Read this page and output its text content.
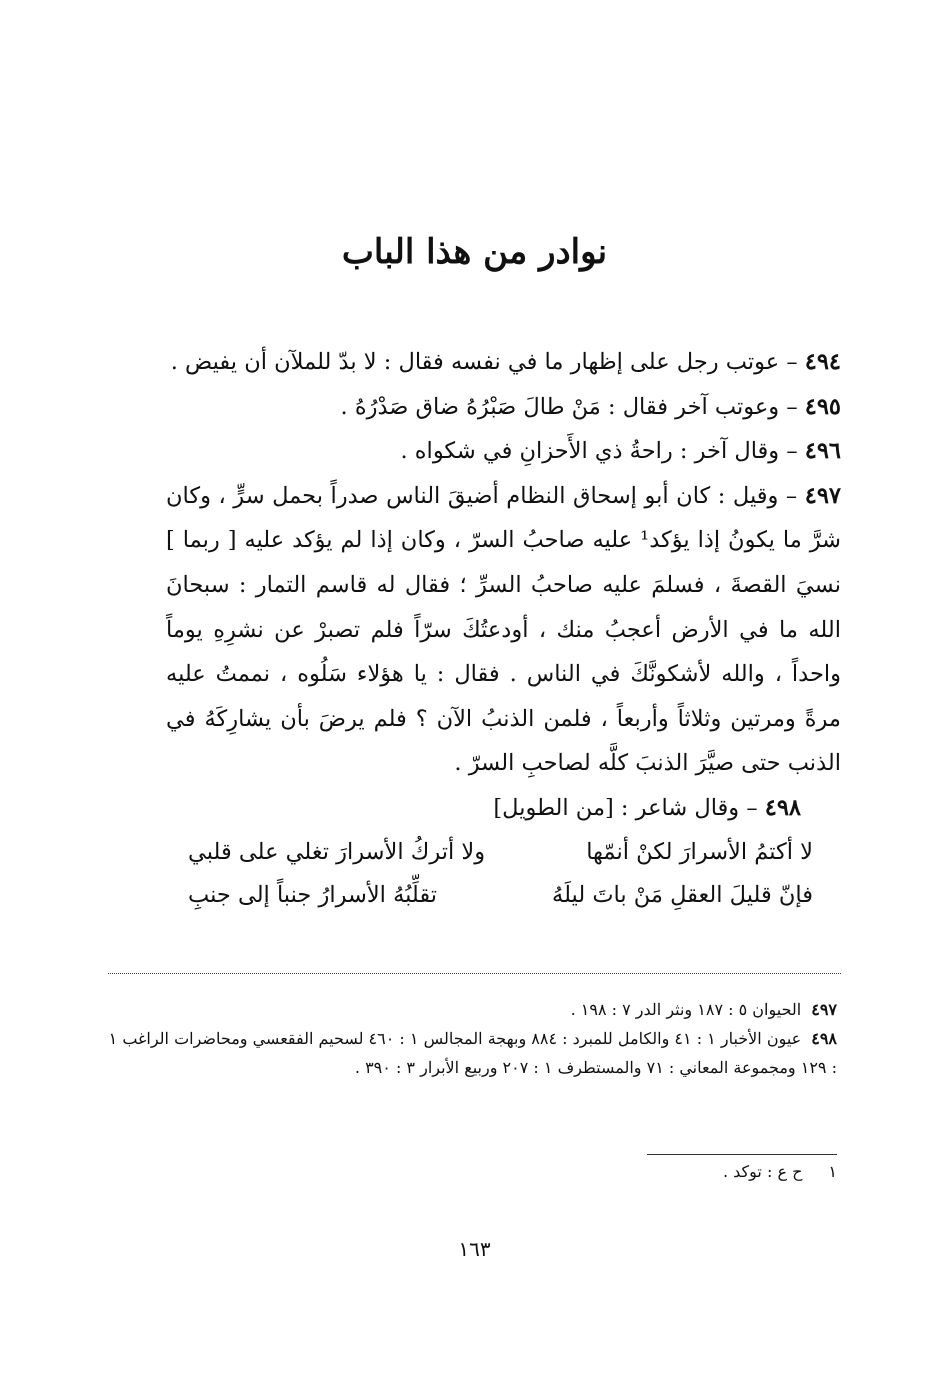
نوادر من هذا الباب

٤٩٤ – عوتب رجل على إظهار ما في نفسه فقال : لا بدّ للملآن أن يفيض .

٤٩٥ – وعوتب آخر فقال : مَنْ طالَ صَبْرُهُ ضاق صَدْرُهُ .

٤٩٦ – وقال آخر : راحةُ ذي الأَحزانِ في شكواه .

٤٩٧ – وقيل : كان أبو إسحاق النظام أضيقَ الناس صدراً بحمل سرٍّ ، وكان شرَّ ما يكونُ إذا يؤكد¹ عليه صاحبُ السرّ ، وكان إذا لم يؤكد عليه [ ربما ] نسيَ القصةَ ، فسلمَ عليه صاحبُ السرِّ ؛ فقال له قاسم التمار : سبحانَ الله ما في الأرض أعجبُ منك ، أودعتُكَ سرّاً فلم تصبرْ عن نشرِهِ يوماً واحداً ، والله لأشكونَّكَ في الناس . فقال : يا هؤلاء سَلُوه ، نممتُ عليه مرةً ومرتين وثلاثاً وأربعاً ، فلمن الذنبُ الآن ؟ فلم يرضَ بأن يشارِكَهُ في الذنب حتى صيَّرَ الذنبَ كلَّه لصاحبِ السرّ .

٤٩٨ – وقال شاعر : [من الطويل]

لا أكتمُ الأسرارَ لكنْ أنمّها
ولا أتركُ الأسرارَ تغلي على قلبي
فإنّ قليلَ العقلِ مَنْ باتَ ليلَهُ
تقلِّبُهُ الأسرارُ جنباً إلى جنبِ

٤٩٧الحيوان ٥ : ١٨٧ ونثر الدر ٧ : ١٩٨ .

٤٩٨عيون الأخبار ١ : ٤١ والكامل للمبرد : ٨٨٤ وبهجة المجالس ١ : ٤٦٠ لسحيم الفقعسي ومحاضرات الراغب ١ : ١٢٩ ومجموعة المعاني : ٧١ والمستطرف ١ : ٢٠٧ وربيع الأبرار ٣ : ٣٩٠ .

١ح ع : توكد .
١٦٣
